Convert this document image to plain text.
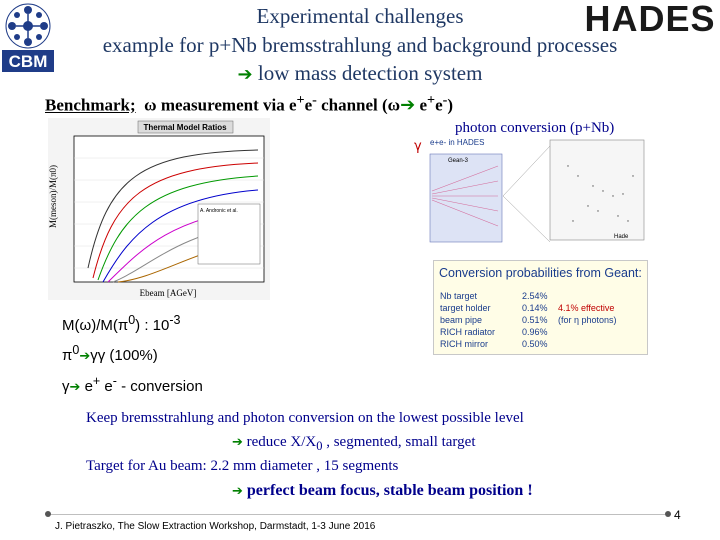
CBM
HADES
Experimental challenges
example for p+Nb bremsstrahlung and background processes
➔ low mass detection system
Benchmark; ω measurement via e+e- channel (ω➔ e+e-)
Thermal Model Ratios
A. Andronic et al.
M(meson)/M(π0)
Ebeam [AGeV]
photon conversion (p+Nb)
γ e+e- in HADES
Gean-3
Hade
Conversion probabilities from Geant:
Nb target	2.54%
target holder	0.14%
beam pipe	0.51%
RICH radiator	0.96%
RICH mirror	0.50%
4.1% effective
(for η photons)
$M(\omega)/M(\pi^0)$ : $10^{-3}$
$\pi^0➔\gamma\gamma$ (100%)
γ➔ e+ e- - conversion
Keep bremsstrahlung and photon conversion on the lowest possible level
➔ reduce $X/X_0$ , segmented, small target
Target for Au beam: 2.2 mm diameter , 15 segments
➔ perfect beam focus, stable beam position !
J. Pietraszko, The Slow Extraction Workshop, Darmstadt, 1-3 June 2016
4
